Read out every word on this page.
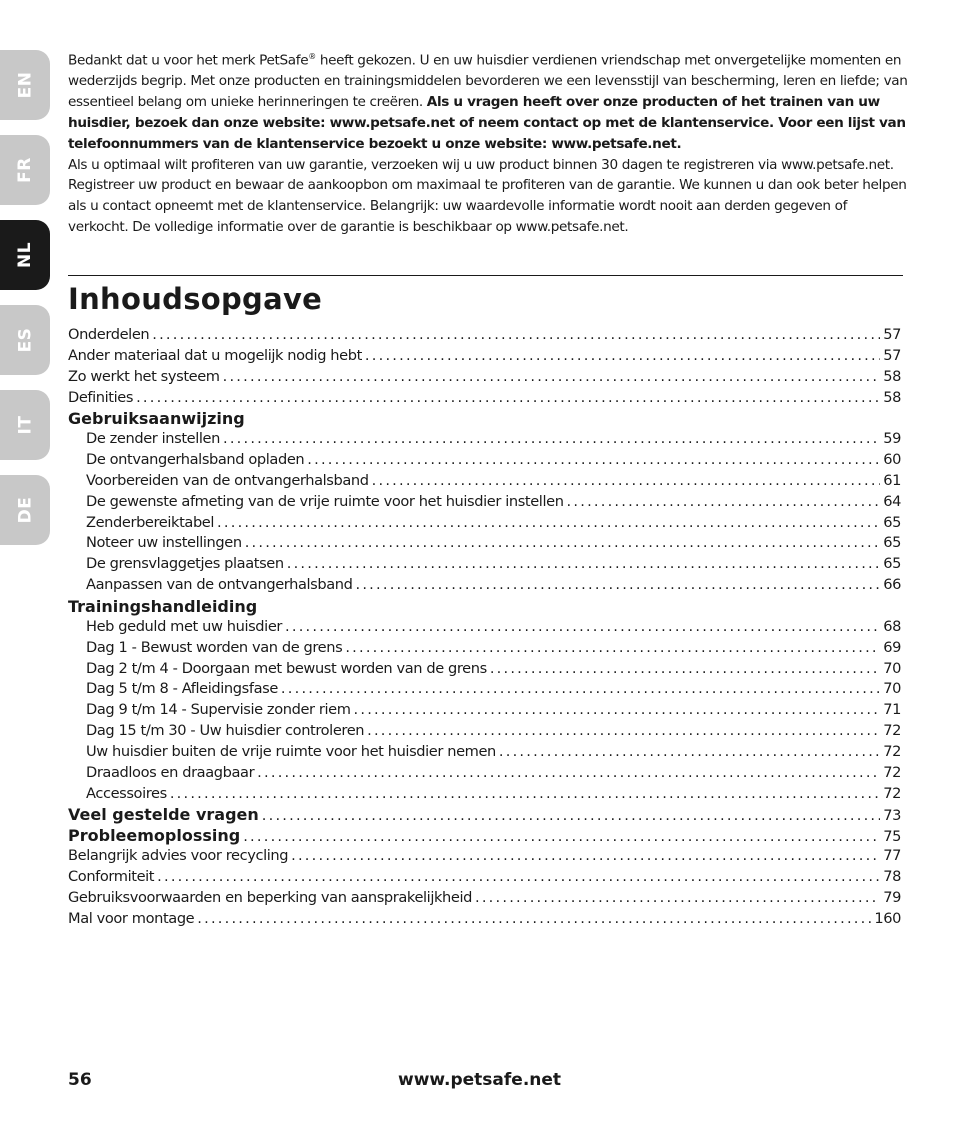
EN
FR
NL
ES
IT
DE

Bedankt dat u voor het merk PetSafe® heeft gekozen. U en uw huisdier verdienen vriendschap met onvergetelijke momenten en wederzijds begrip. Met onze producten en trainingsmiddelen bevorderen we een levensstijl van bescherming, leren en liefde; van essentieel belang om unieke herinneringen te creëren. Als u vragen heeft over onze producten of het trainen van uw huisdier, bezoek dan onze website: www.petsafe.net of neem contact op met de klantenservice. Voor een lijst van telefoonnummers van de klantenservice bezoekt u onze website: www.petsafe.net.

Als u optimaal wilt profiteren van uw garantie, verzoeken wij u uw product binnen 30 dagen te registreren via www.petsafe.net. Registreer uw product en bewaar de aankoopbon om maximaal te profiteren van de garantie. We kunnen u dan ook beter helpen als u contact opneemt met de klantenservice. Belangrijk: uw waardevolle informatie wordt nooit aan derden gegeven of verkocht. De volledige informatie over de garantie is beschikbaar op www.petsafe.net.

Inhoudsopgave
Onderdelen .....	57
Ander materiaal dat u mogelijk nodig hebt .....	57
Zo werkt het systeem .....	58
Definities .....	58
Gebruiksaanwijzing
De zender instellen .....	59
De ontvangerhalsband opladen .....	60
Voorbereiden van de ontvangerhalsband .....	61
De gewenste afmeting van de vrije ruimte voor het huisdier instellen .....	64
Zenderbereiktabel .....	65
Noteer uw instellingen .....	65
De grensvlaggetjes plaatsen .....	65
Aanpassen van de ontvangerhalsband .....	66
Trainingshandleiding
Heb geduld met uw huisdier .....	68
Dag 1 - Bewust worden van de grens .....	69
Dag 2 t/m 4 - Doorgaan met bewust worden van de grens .....	70
Dag 5 t/m 8 - Afleidingsfase .....	70
Dag 9 t/m 14 - Supervisie zonder riem .....	71
Dag 15 t/m 30 - Uw huisdier controleren .....	72
Uw huisdier buiten de vrije ruimte voor het huisdier nemen .....	72
Draadloos en draagbaar .....	72
Accessoires .....	72
Veel gestelde vragen .....	73
Probleemoplossing .....	75
Belangrijk advies voor recycling .....	77
Conformiteit .....	78
Gebruiksvoorwaarden en beperking van aansprakelijkheid .....	79
Mal voor montage .....	160
56	www.petsafe.net
